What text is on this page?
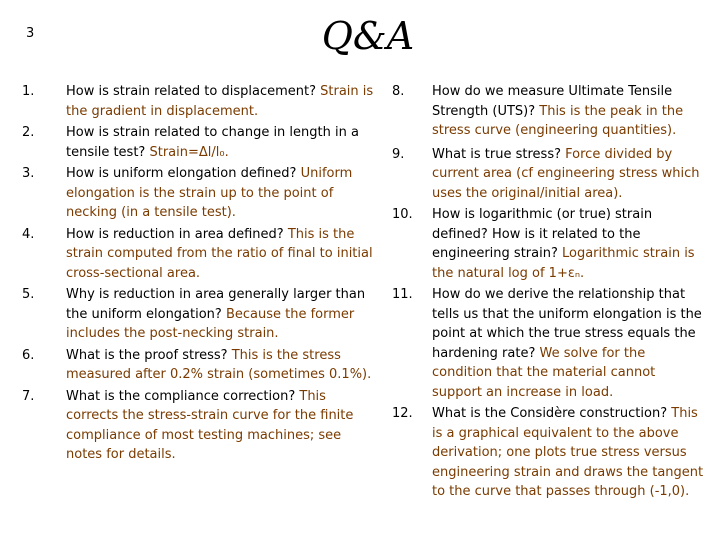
3	Q&A
1. How is strain related to displacement? Strain is the gradient in displacement.
2. How is strain related to change in length in a tensile test? Strain=Δl/l₀.
3. How is uniform elongation defined? Uniform elongation is the strain up to the point of necking (in a tensile test).
4. How is reduction in area defined? This is the strain computed from the ratio of final to initial cross-sectional area.
5. Why is reduction in area generally larger than the uniform elongation? Because the former includes the post-necking strain.
6. What is the proof stress? This is the stress measured after 0.2% strain (sometimes 0.1%).
7. What is the compliance correction? This corrects the stress-strain curve for the finite compliance of most testing machines; see notes for details.
8. How do we measure Ultimate Tensile Strength (UTS)? This is the peak in the stress curve (engineering quantities).
9. What is true stress? Force divided by current area (cf engineering stress which uses the original/initial area).
10. How is logarithmic (or true) strain defined? How is it related to the engineering strain? Logarithmic strain is the natural log of 1+εₙ.
11. How do we derive the relationship that tells us that the uniform elongation is the point at which the true stress equals the hardening rate? We solve for the condition that the material cannot support an increase in load.
12. What is the Considère construction? This is a graphical equivalent to the above derivation; one plots true stress versus engineering strain and draws the tangent to the curve that passes through (-1,0).
